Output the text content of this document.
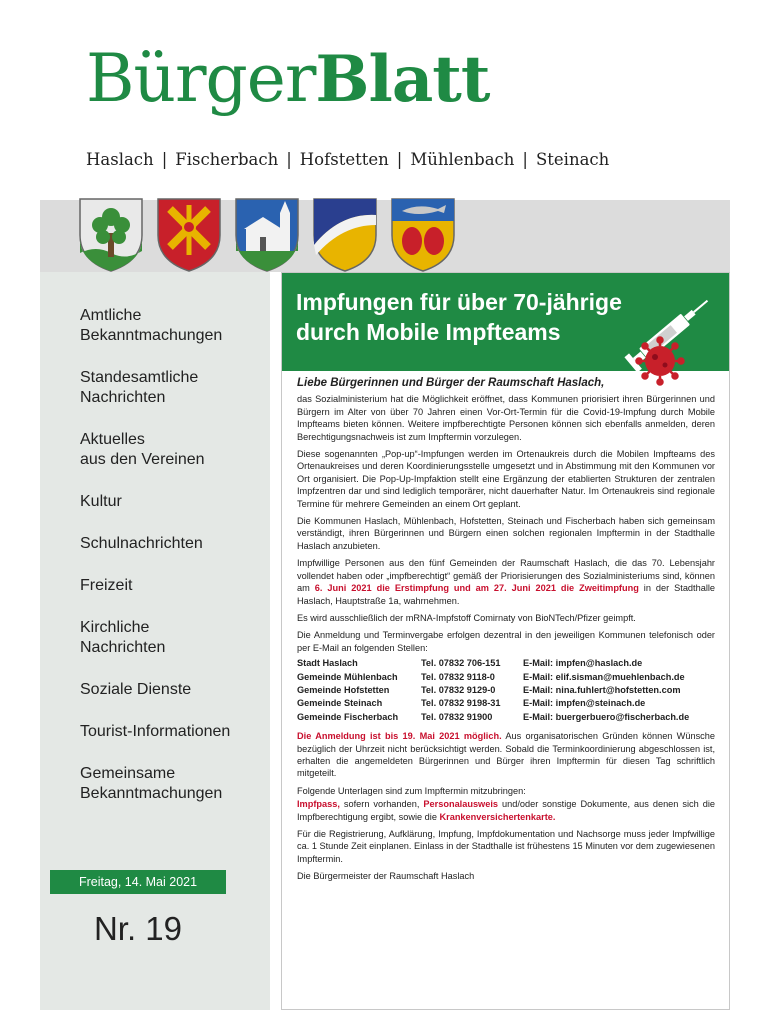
BürgerBlatt
Haslach | Fischerbach | Hofstetten | Mühlenbach | Steinach
Amtliche
Bekanntmachungen
Standesamtliche
Nachrichten
Aktuelles
aus den Vereinen
Kultur
Schulnachrichten
Freizeit
Kirchliche
Nachrichten
Soziale Dienste
Tourist-Informationen
Gemeinsame
Bekanntmachungen
Freitag, 14. Mai 2021
Nr. 19
Impfungen für über 70-jährige
durch Mobile Impfteams
Liebe Bürgerinnen und Bürger der Raumschaft Haslach,

das Sozialministerium hat die Möglichkeit eröffnet, dass Kommunen priorisiert ihren Bürgerinnen und Bürgern im Alter von über 70 Jahren einen Vor-Ort-Termin für die Covid-19-Impfung durch Mobile Impfteams bieten können. Weitere impfberechtigte Personen können sich ebenfalls anmelden, deren Berechtigungsnachweis ist zum Impftermin vorzulegen.

Diese sogenannten „Pop-up“-Impfungen werden im Ortenaukreis durch die Mobilen Impfteams des Ortenaukreises und deren Koordinierungsstelle umgesetzt und in Abstimmung mit den Kommunen vor Ort organisiert. Die Pop-Up-Impfaktion stellt eine Ergänzung der etablierten Strukturen der zentralen Impfzentren dar und sind lediglich temporärer, nicht dauerhafter Natur. Im Ortenaukreis sind regionale Termine für mehrere Gemeinden an einem Ort geplant.

Die Kommunen Haslach, Mühlenbach, Hofstetten, Steinach und Fischerbach haben sich gemeinsam verständigt, ihren Bürgerinnen und Bürgern einen solchen regionalen Impftermin in der Stadthalle Haslach anzubieten.

Impfwillige Personen aus den fünf Gemeinden der Raumschaft Haslach, die das 70. Lebensjahr vollendet haben oder „impfberechtigt“ gemäß der Priorisierungen des Sozialministeriums sind, können am 6. Juni 2021 die Erstimpfung und am 27. Juni 2021 die Zweitimpfung in der Stadthalle Haslach, Hauptstraße 1a, wahrnehmen.

Es wird ausschließlich der mRNA-Impfstoff Comirnaty von BioNTech/Pfizer geimpft.

Die Anmeldung und Terminvergabe erfolgen dezentral in den jeweiligen Kommunen telefonisch oder per E-Mail an folgenden Stellen:

Stadt Haslach	Tel. 07832 706-151	E-Mail: impfen@haslach.de
Gemeinde Mühlenbach	Tel. 07832 9118-0	E-Mail: elif.sisman@muehlenbach.de
Gemeinde Hofstetten	Tel. 07832 9129-0	E-Mail: nina.fuhlert@hofstetten.com
Gemeinde Steinach	Tel. 07832 9198-31	E-Mail: impfen@steinach.de
Gemeinde Fischerbach	Tel. 07832 91900	E-Mail: buergerbuero@fischerbach.de

Die Anmeldung ist bis 19. Mai 2021 möglich. Aus organisatorischen Gründen können Wünsche bezüglich der Uhrzeit nicht berücksichtigt werden. Sobald die Terminkoordinierung abgeschlossen ist, erhalten die angemeldeten Bürgerinnen und Bürger ihren Impftermin für diesen Tag schriftlich mitgeteilt.

Folgende Unterlagen sind zum Impftermin mitzubringen:

Impfpass, sofern vorhanden, Personalausweis und/oder sonstige Dokumente, aus denen sich die Impfberechtigung ergibt, sowie die Krankenversichertenkarte.

Für die Registrierung, Aufklärung, Impfung, Impfdokumentation und Nachsorge muss jeder Impfwillige ca. 1 Stunde Zeit einplanen. Einlass in der Stadthalle ist frühestens 15 Minuten vor dem zugewiesenen Impftermin.

Die Bürgermeister der Raumschaft Haslach
